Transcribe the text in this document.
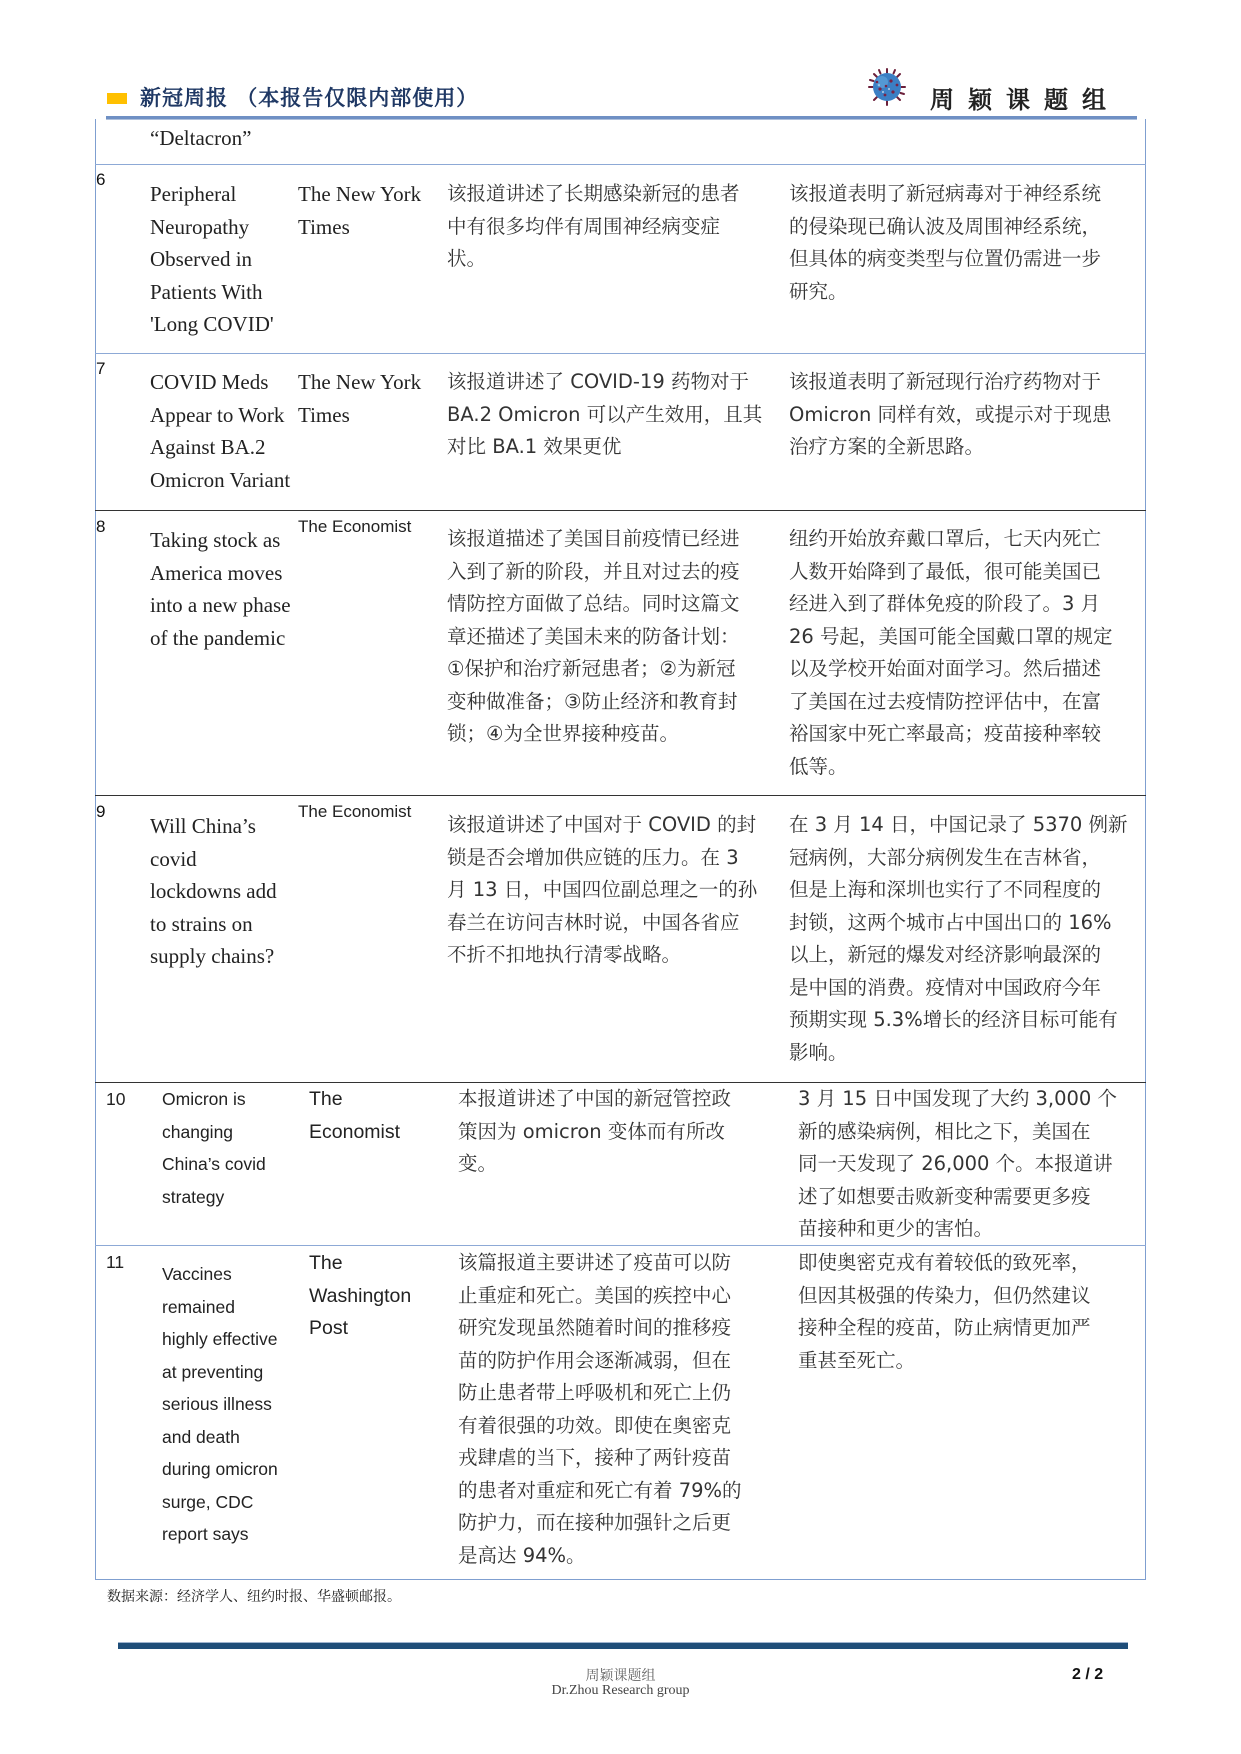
新冠周报 （本报告仅限内部使用）	周颖课题组
“Deltacron”
6
Peripheral
Neuropathy
Observed in
Patients With
'Long COVID'
The New York
Times
该报道讲述了长期感染新冠的患者
中有很多均伴有周围神经病变症
状。
该报道表明了新冠病毒对于神经系统
的侵染现已确认波及周围神经系统，
但具体的病变类型与位置仍需进一步
研究。
7
COVID Meds
Appear to Work
Against BA.2
Omicron Variant
The New York
Times
该报道讲述了 COVID-19 药物对于
BA.2 Omicron 可以产生效用，且其
对比 BA.1 效果更优
该报道表明了新冠现行治疗药物对于
Omicron 同样有效，或提示对于现患
治疗方案的全新思路。
8
Taking stock as
America moves
into a new phase
of the pandemic
The Economist
该报道描述了美国目前疫情已经进
入到了新的阶段，并且对过去的疫
情防控方面做了总结。同时这篇文
章还描述了美国未来的防备计划：
①保护和治疗新冠患者；②为新冠
变种做准备；③防止经济和教育封
锁；④为全世界接种疫苗。
纽约开始放弃戴口罩后，七天内死亡
人数开始降到了最低，很可能美国已
经进入到了群体免疫的阶段了。3 月
26 号起，美国可能全国戴口罩的规定
以及学校开始面对面学习。然后描述
了美国在过去疫情防控评估中，在富
裕国家中死亡率最高；疫苗接种率较
低等。
9
Will China’s
covid
lockdowns add
to strains on
supply chains?
The Economist
该报道讲述了中国对于 COVID 的封
锁是否会增加供应链的压力。在 3
月 13 日，中国四位副总理之一的孙
春兰在访问吉林时说，中国各省应
不折不扣地执行清零战略。
在 3 月 14 日，中国记录了 5370 例新
冠病例，大部分病例发生在吉林省，
但是上海和深圳也实行了不同程度的
封锁，这两个城市占中国出口的 16%
以上，新冠的爆发对经济影响最深的
是中国的消费。疫情对中国政府今年
预期实现 5.3%增长的经济目标可能有
影响。
10 Omicron is
changing
China’s covid
strategy
The
Economist
本报道讲述了中国的新冠管控政
策因为 omicron 变体而有所改
变。
3 月 15 日中国发现了大约 3,000 个
新的感染病例，相比之下，美国在
同一天发现了 26,000 个。本报道讲
述了如想要击败新变种需要更多疫
苗接种和更少的害怕。
11
Vaccines
remained
highly effective
at preventing
serious illness
and death
during omicron
surge, CDC
report says
The
Washington
Post
该篇报道主要讲述了疫苗可以防
止重症和死亡。美国的疾控中心
研究发现虽然随着时间的推移疫
苗的防护作用会逐渐减弱，但在
防止患者带上呼吸机和死亡上仍
有着很强的功效。即使在奥密克
戎肆虐的当下，接种了两针疫苗
的患者对重症和死亡有着 79%的
防护力，而在接种加强针之后更
是高达 94%。
即使奥密克戎有着较低的致死率，
但因其极强的传染力，但仍然建议
接种全程的疫苗，防止病情更加严
重甚至死亡。
数据来源：经济学人、纽约时报、华盛顿邮报。
周颖课题组
Dr.Zhou Research group
2 / 2
